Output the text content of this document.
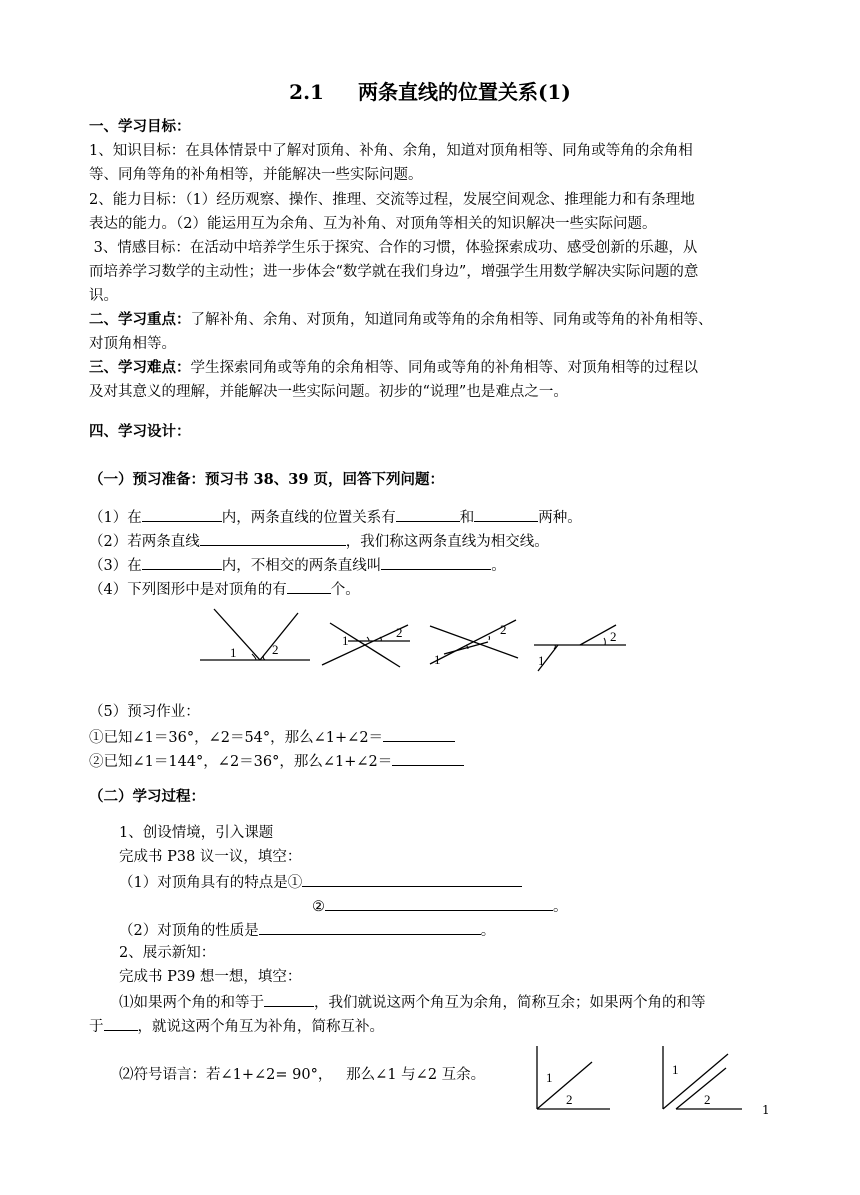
2.1 两条直线的位置关系(1)
一、学习目标：
1、知识目标：在具体情景中了解对顶角、补角、余角，知道对顶角相等、同角或等角的余角相
等、同角等角的补角相等，并能解决一些实际问题。
2、能力目标：（1）经历观察、操作、推理、交流等过程，发展空间观念、推理能力和有条理地
表达的能力。（2）能运用互为余角、互为补角、对顶角等相关的知识解决一些实际问题。
3、情感目标：在活动中培养学生乐于探究、合作的习惯，体验探索成功、感受创新的乐趣，从
而培养学习数学的主动性；进一步体会“数学就在我们身边”，增强学生用数学解决实际问题的意
识。
二、学习重点：了解补角、余角、对顶角，知道同角或等角的余角相等、同角或等角的补角相等、
对顶角相等。
三、学习难点：学生探索同角或等角的余角相等、同角或等角的补角相等、对顶角相等的过程以
及对其意义的理解，并能解决一些实际问题。初步的“说理”也是难点之一。
四、学习设计：
（一）预习准备：预习书 38、39 页，回答下列问题：
（1）在	内，两条直线的位置关系有	和	两种。
（2）若两条直线	，我们称这两条直线为相交线。
（3）在	内，不相交的两条直线叫	。
（4）下列图形中是对顶角的有	个。
1	2
1
2
1
2
1
2
（5）预习作业：
①已知∠1＝36°，∠2＝54°，那么∠1+∠2＝
②已知∠1＝144°，∠2＝36°，那么∠1+∠2＝
（二）学习过程：
1、创设情境，引入课题
完成书 P38 议一议，填空：
（1）对顶角具有的特点是①
②	。
（2）对顶角的性质是	。
2、展示新知：
完成书 P39 想一想，填空：
⑴如果两个角的和等于	，我们就说这两个角互为余角，简称互余；如果两个角的和等
于 ，就说这两个角互为补角，简称互补。
⑵符号语言：若∠1+∠2= 90°，   那么∠1 与∠2 互余。	1
2
1
2
1
